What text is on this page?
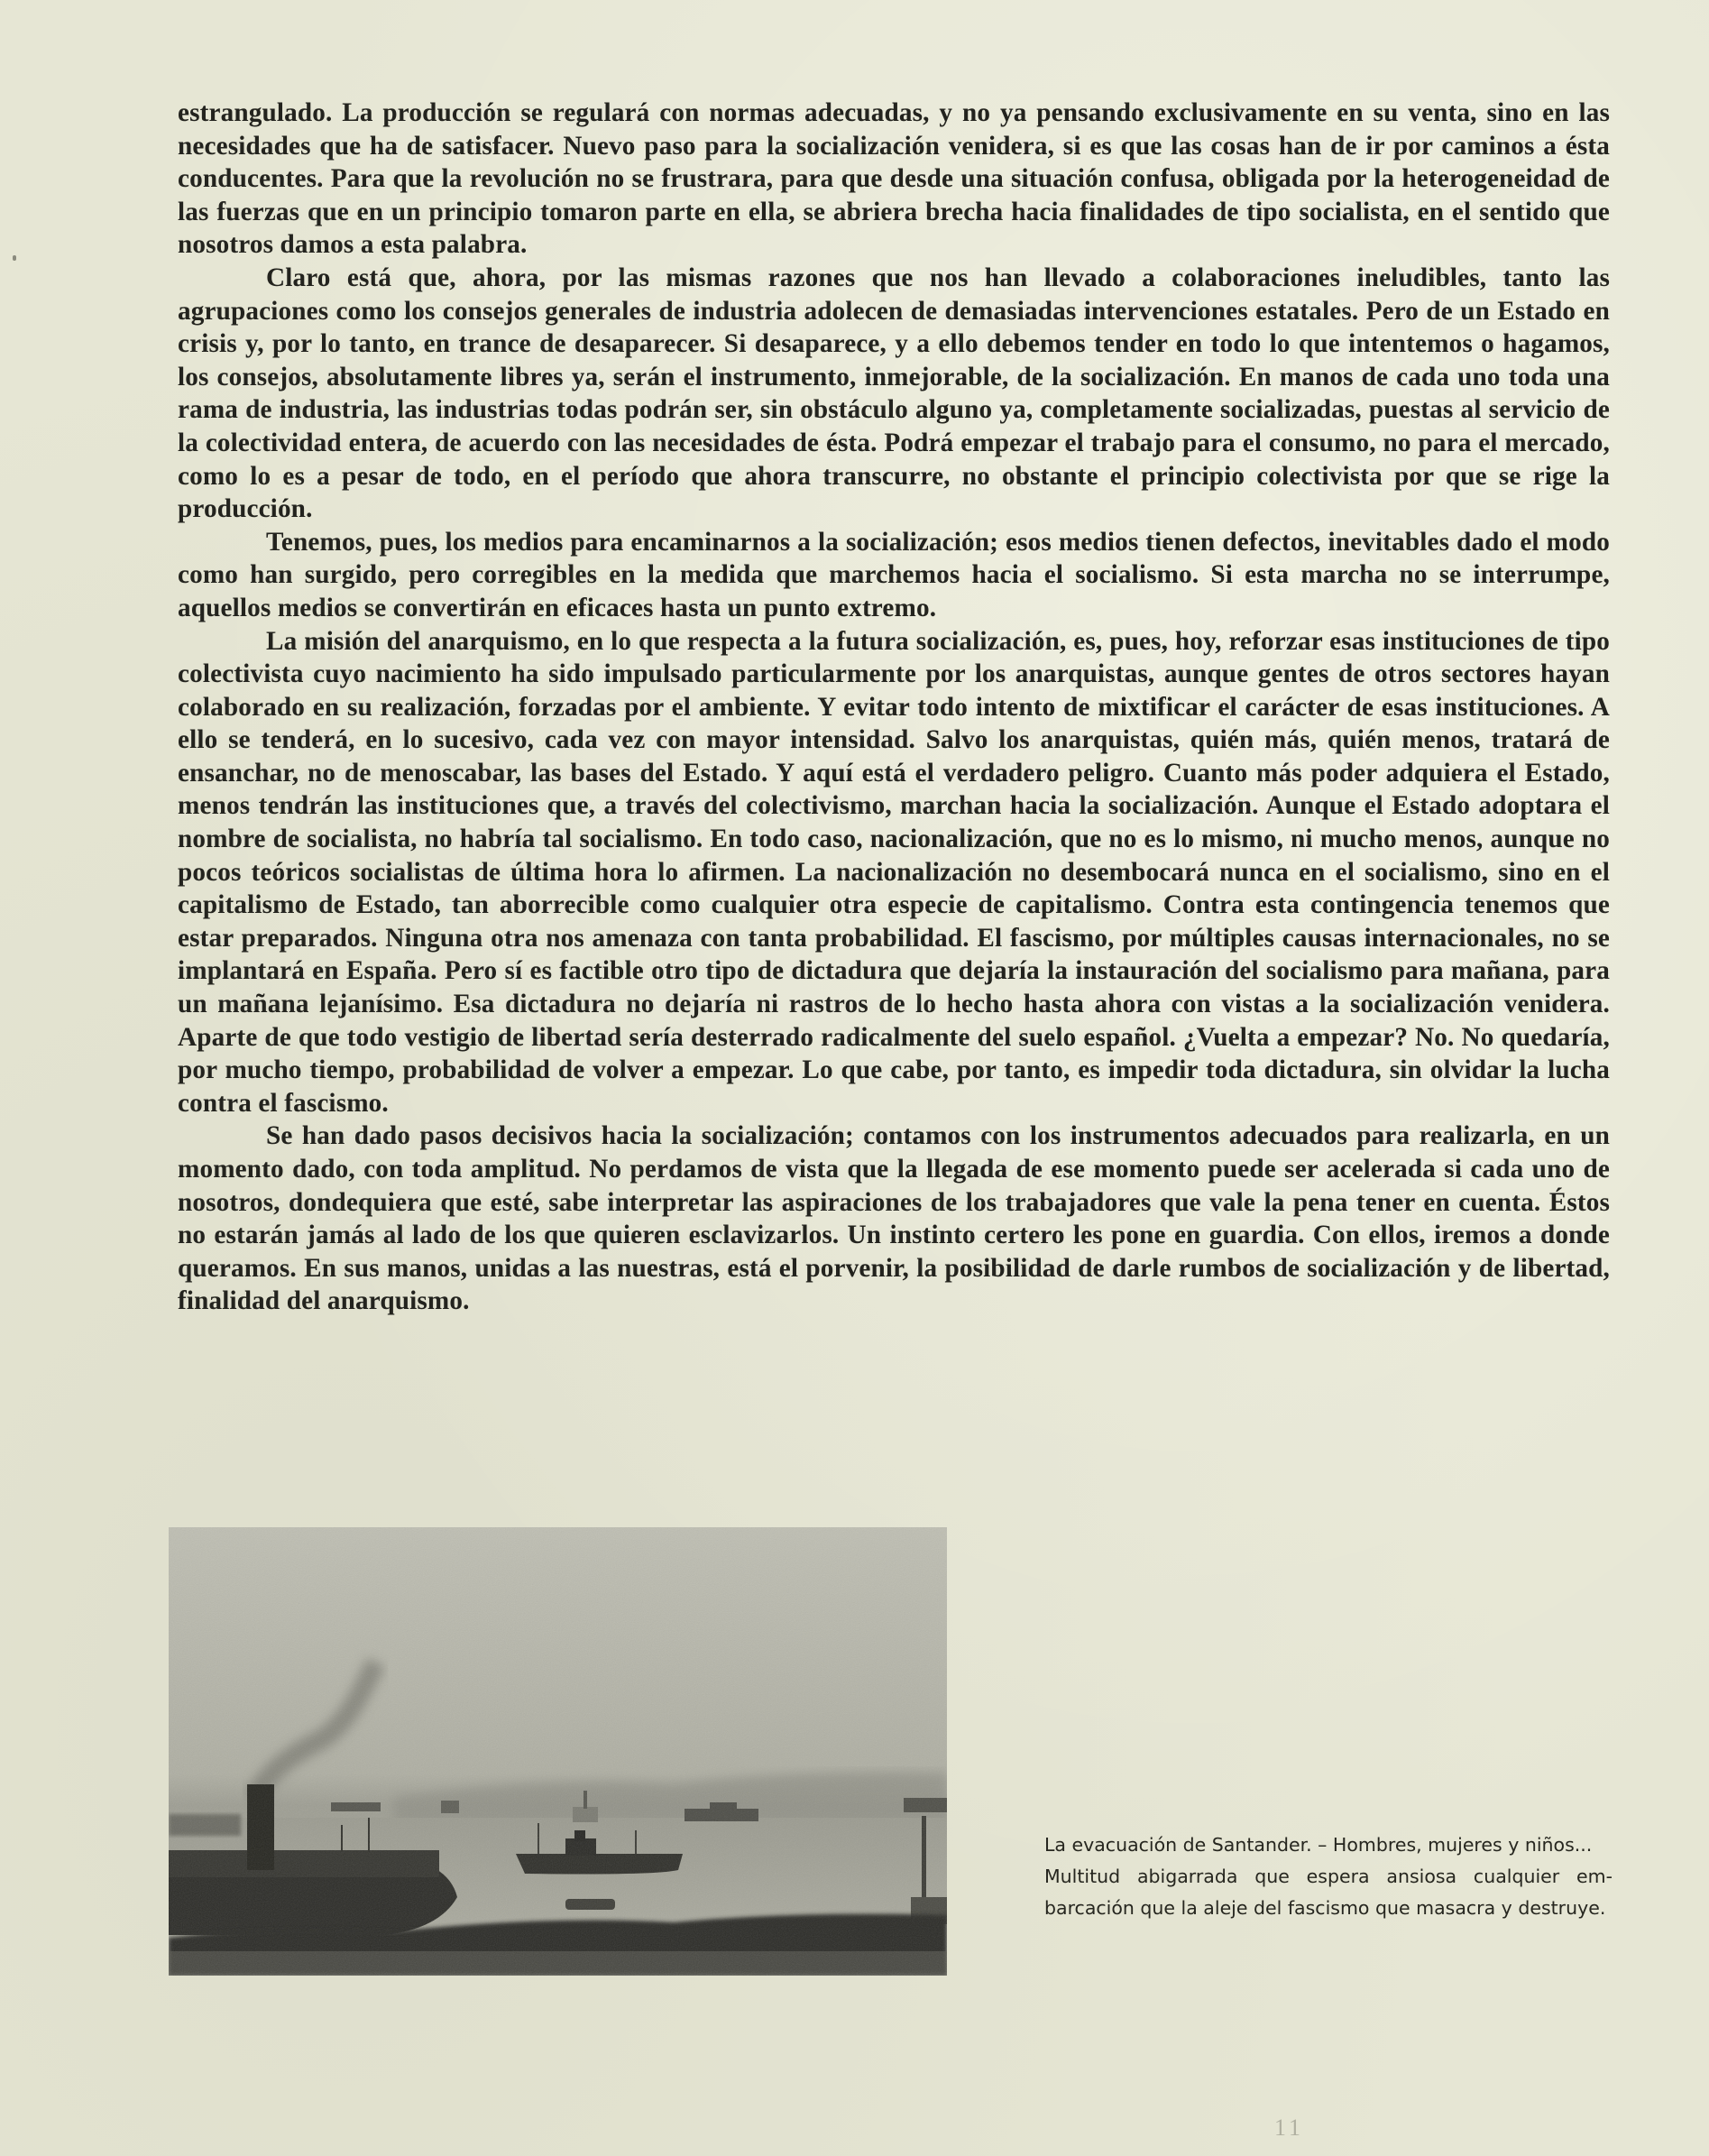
estrangulado. La producción se regulará con normas adecuadas, y no ya pensando exclusivamente en su venta, sino en las necesidades que ha de satisfacer. Nuevo paso para la socialización venidera, si es que las cosas han de ir por caminos a ésta conducentes. Para que la revolución no se frustrara, para que desde una situación confusa, obligada por la heterogeneidad de las fuerzas que en un principio tomaron parte en ella, se abriera brecha hacia finalidades de tipo socialista, en el sentido que nosotros damos a esta palabra.

Claro está que, ahora, por las mismas razones que nos han llevado a colaboraciones ineludibles, tanto las agrupaciones como los consejos generales de industria adolecen de demasiadas intervenciones estatales. Pero de un Estado en crisis y, por lo tanto, en trance de desaparecer. Si desaparece, y a ello debemos tender en todo lo que intentemos o hagamos, los consejos, absolutamente libres ya, serán el instrumento, inmejorable, de la socialización. En manos de cada uno toda una rama de industria, las industrias todas podrán ser, sin obstáculo alguno ya, completamente socializadas, puestas al servicio de la colectividad entera, de acuerdo con las necesidades de ésta. Podrá empezar el trabajo para el consumo, no para el mercado, como lo es a pesar de todo, en el período que ahora transcurre, no obstante el principio colectivista por que se rige la producción.

Tenemos, pues, los medios para encaminarnos a la socialización; esos medios tienen defectos, inevitables dado el modo como han surgido, pero corregibles en la medida que marchemos hacia el socialismo. Si esta marcha no se interrumpe, aquellos medios se convertirán en eficaces hasta un punto extremo.

La misión del anarquismo, en lo que respecta a la futura socialización, es, pues, hoy, reforzar esas instituciones de tipo colectivista cuyo nacimiento ha sido impulsado particularmente por los anarquistas, aunque gentes de otros sectores hayan colaborado en su realización, forzadas por el ambiente. Y evitar todo intento de mixtificar el carácter de esas instituciones. A ello se tenderá, en lo sucesivo, cada vez con mayor intensidad. Salvo los anarquistas, quién más, quién menos, tratará de ensanchar, no de menoscabar, las bases del Estado. Y aquí está el verdadero peligro. Cuanto más poder adquiera el Estado, menos tendrán las instituciones que, a través del colectivismo, marchan hacia la socialización. Aunque el Estado adoptara el nombre de socialista, no habría tal socialismo. En todo caso, nacionalización, que no es lo mismo, ni mucho menos, aunque no pocos teóricos socialistas de última hora lo afirmen. La nacionalización no desembocará nunca en el socialismo, sino en el capitalismo de Estado, tan aborrecible como cualquier otra especie de capitalismo. Contra esta contingencia tenemos que estar preparados. Ninguna otra nos amenaza con tanta probabilidad. El fascismo, por múltiples causas internacionales, no se implantará en España. Pero sí es factible otro tipo de dictadura que dejaría la instauración del socialismo para mañana, para un mañana lejanísimo. Esa dictadura no dejaría ni rastros de lo hecho hasta ahora con vistas a la socialización venidera. Aparte de que todo vestigio de libertad sería desterrado radicalmente del suelo español. ¿Vuelta a empezar? No. No quedaría, por mucho tiempo, probabilidad de volver a empezar. Lo que cabe, por tanto, es impedir toda dictadura, sin olvidar la lucha contra el fascismo.

Se han dado pasos decisivos hacia la socialización; contamos con los instrumentos adecuados para realizarla, en un momento dado, con toda amplitud. No perdamos de vista que la llegada de ese momento puede ser acelerada si cada uno de nosotros, dondequiera que esté, sabe interpretar las aspiraciones de los trabajadores que vale la pena tener en cuenta. Éstos no estarán jamás al lado de los que quieren esclavizarlos. Un instinto certero les pone en guardia. Con ellos, iremos a donde queramos. En sus manos, unidas a las nuestras, está el porvenir, la posibilidad de darle rumbos de socialización y de libertad, finalidad del anarquismo.

La evacuación de Santander. – Hombres, mujeres y niños...

Multitud abigarrada que espera ansiosa cualquier embarcación que la aleje del fascismo que masacra y destruye.

11
